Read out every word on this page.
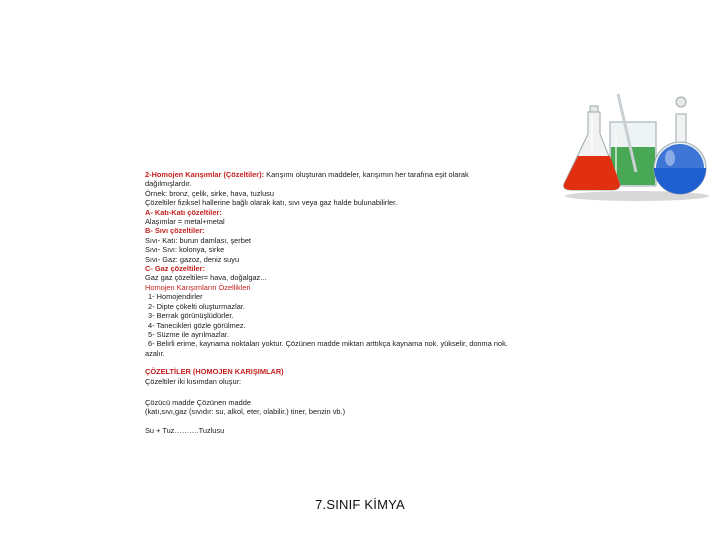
2-Homojen Karışımlar (Çözeltiler): Karışımı oluşturan maddeler, karışımın her tarafına eşit olarak
dağılmışlardır.
Örnek: bronz, çelik, sirke, hava, tuzlusu
Çözeltiler fiziksel hallerine bağlı olarak katı, sıvı veya gaz halde bulunabilirler.
A- Katı-Katı çözeltiler:
Alaşımlar = metal+metal
B- Sıvı çözeltiler:
Sıvı- Katı: burun damlası, şerbet
Sıvı- Sıvı: kolonya, sirke
Sıvı- Gaz: gazoz, deniz suyu
C- Gaz çözeltiler:
Gaz gaz çözeltiler= hava, doğalgaz...
Homojen Karışımların Özellikleri
1- Homojendirler
2- Dipte çökelti oluşturmazlar.
3- Berrak görünüşlüdürler.
4- Tanecikleri gözle görülmez.
5- Süzme ile ayrılmazlar.
6- Belirli erime, kaynama noktaları yoktur. Çözünen madde miktarı arttıkça kaynama nok. yükselir, donma nok.
azalır.
ÇÖZELTİLER (HOMOJEN KARIŞIMLAR)
Çözeltiler iki kısımdan oluşur:
Çözücü madde Çözünen madde
(katı,sıvı,gaz (sıvıdır: su, alkol, eter, olabilir.) tiner, benzin vb.)
Su + Tuz……….Tuzlusu
7.SINIF KİMYA
